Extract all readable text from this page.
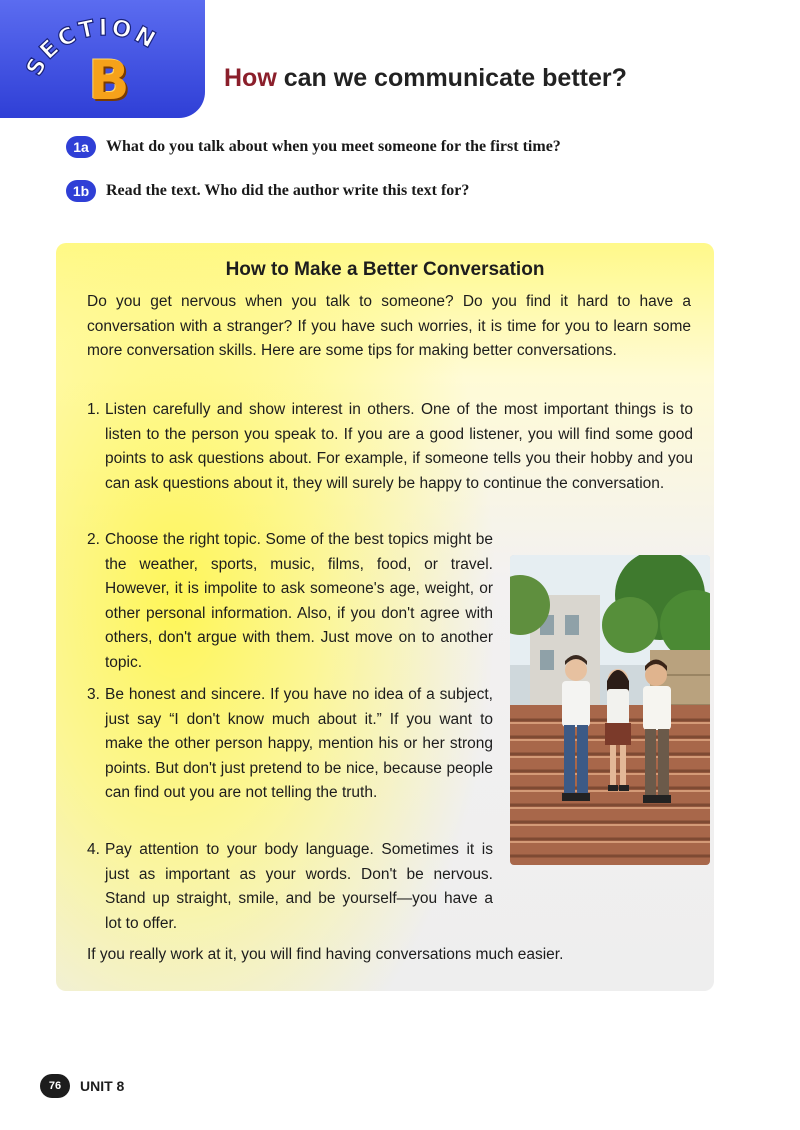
SECTION
B	How can we communicate better?
1a	What do you talk about when you meet someone for the first time?
1b	Read the text. Who did the author write this text for?
How to Make a Better Conversation
Do you get nervous when you talk to someone? Do you find it hard to have a conversation with a stranger? If you have such worries, it is time for you to learn some more conversation skills. Here are some tips for making better conversations.
1. Listen carefully and show interest in others. One of the most important things is to listen to the person you speak to. If you are a good listener, you will find some good points to ask questions about. For example, if someone tells you their hobby and you can ask questions about it, they will surely be happy to continue the conversation.
2. Choose the right topic. Some of the best topics might be the weather, sports, music, films, food, or travel. However, it is impolite to ask someone's age, weight, or other personal information. Also, if you don't agree with others, don't argue with them. Just move on to another topic.
3. Be honest and sincere. If you have no idea of a subject, just say “I don't know much about it.” If you want to make the other person happy, mention his or her strong points. But don't just pretend to be nice, because people can find out you are not telling the truth.
4. Pay attention to your body language. Sometimes it is just as important as your words. Don't be nervous. Stand up straight, smile, and be yourself—you have a lot to offer.
If you really work at it, you will find having conversations much easier.
76	UNIT 8
